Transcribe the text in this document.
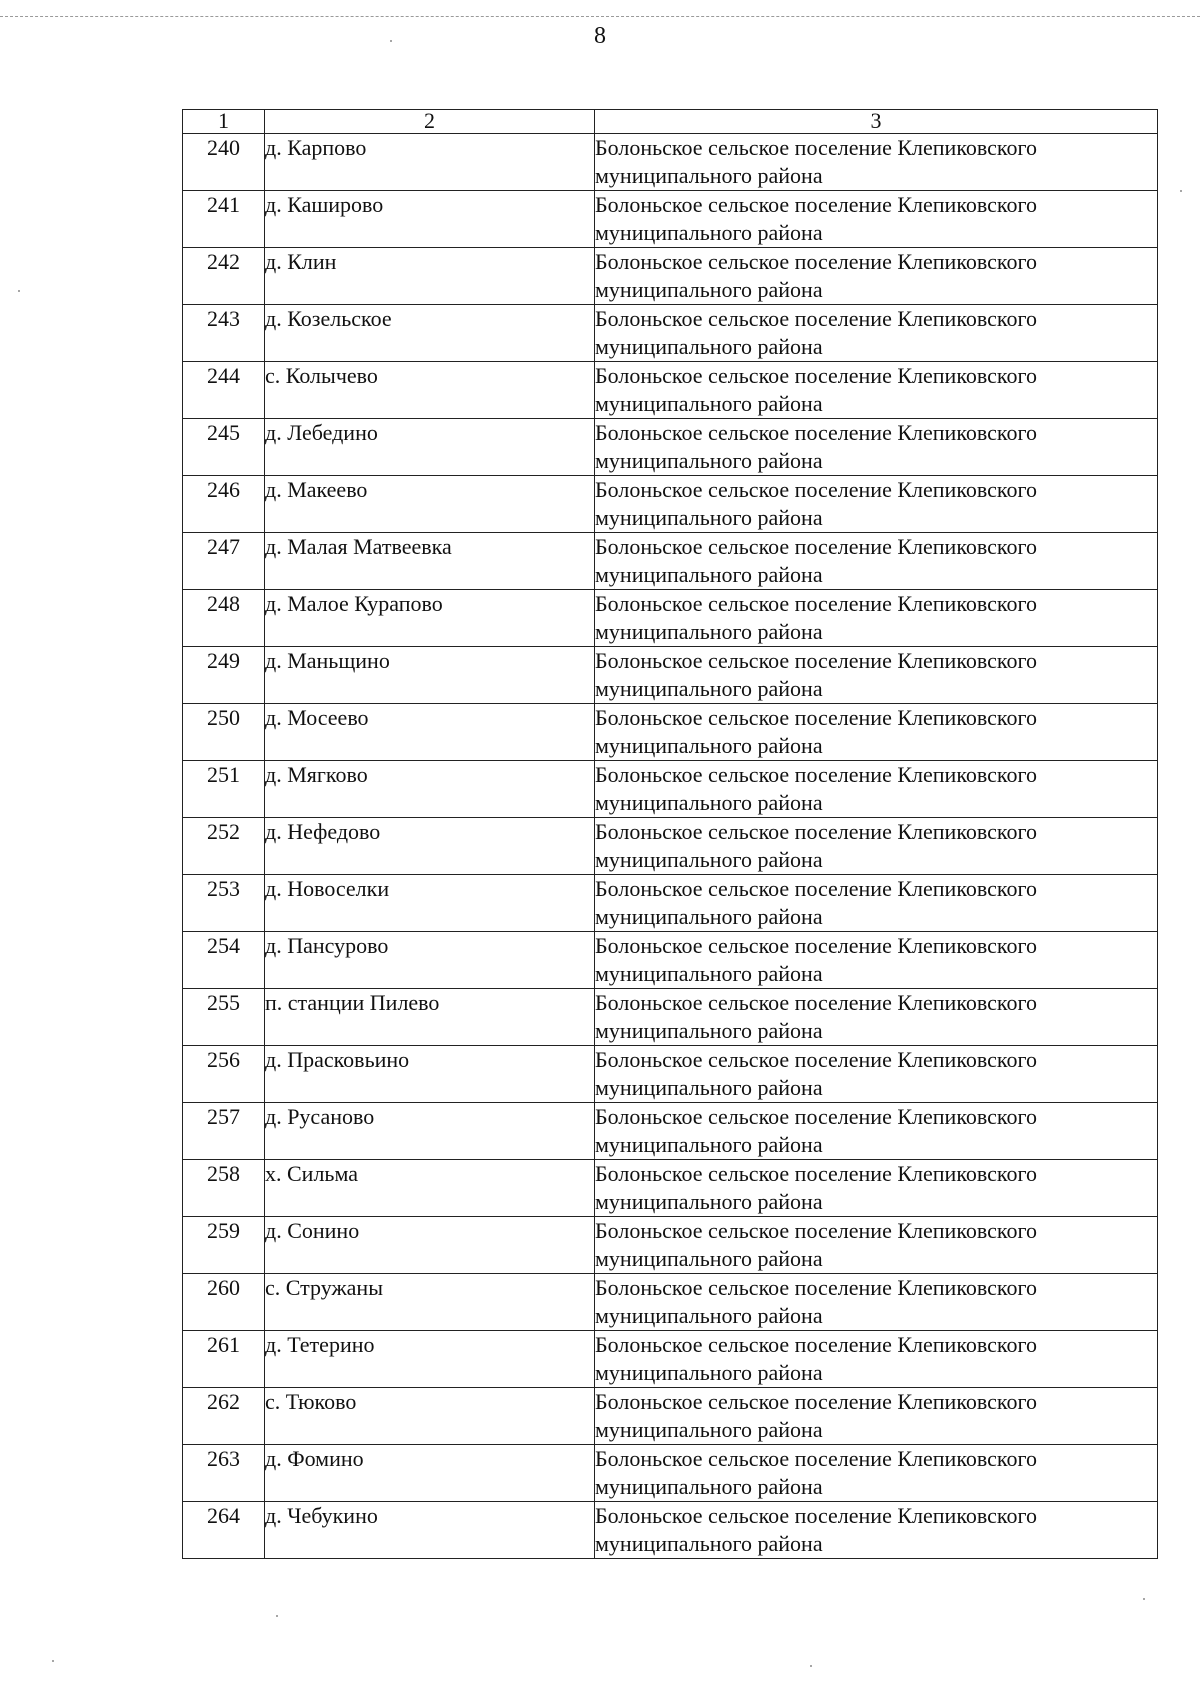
8
1	2	3
240	д. Карпово	Болоньское сельское поселение Клепиковского
муниципального района

241	д. Каширово	Болоньское сельское поселение Клепиковского
муниципального района

242	д. Клин	Болоньское сельское поселение Клепиковского
муниципального района

243	д. Козельское	Болоньское сельское поселение Клепиковского
муниципального района

244	с. Колычево	Болоньское сельское поселение Клепиковского
муниципального района

245	д. Лебедино	Болоньское сельское поселение Клепиковского
муниципального района

246	д. Макеево	Болоньское сельское поселение Клепиковского
муниципального района

247	д. Малая Матвеевка	Болоньское сельское поселение Клепиковского
муниципального района

248	д. Малое Курапово	Болоньское сельское поселение Клепиковского
муниципального района

249	д. Маньщино	Болоньское сельское поселение Клепиковского
муниципального района

250	д. Мосеево	Болоньское сельское поселение Клепиковского
муниципального района

251	д. Мягково	Болоньское сельское поселение Клепиковского
муниципального района

252	д. Нефедово	Болоньское сельское поселение Клепиковского
муниципального района

253	д. Новоселки	Болоньское сельское поселение Клепиковского
муниципального района

254	д. Пансурово	Болоньское сельское поселение Клепиковского
муниципального района

255	п. станции Пилево	Болоньское сельское поселение Клепиковского
муниципального района

256	д. Прасковьино	Болоньское сельское поселение Клепиковского
муниципального района

257	д. Русаново	Болоньское сельское поселение Клепиковского
муниципального района

258	х. Сильма	Болоньское сельское поселение Клепиковского
муниципального района

259	д. Сонино	Болоньское сельское поселение Клепиковского
муниципального района

260	с. Стружаны	Болоньское сельское поселение Клепиковского
муниципального района

261	д. Тетерино	Болоньское сельское поселение Клепиковского
муниципального района

262	с. Тюково	Болоньское сельское поселение Клепиковского
муниципального района

263	д. Фомино	Болоньское сельское поселение Клепиковского
муниципального района

264	д. Чебукино	Болоньское сельское поселение Клепиковского
муниципального района
